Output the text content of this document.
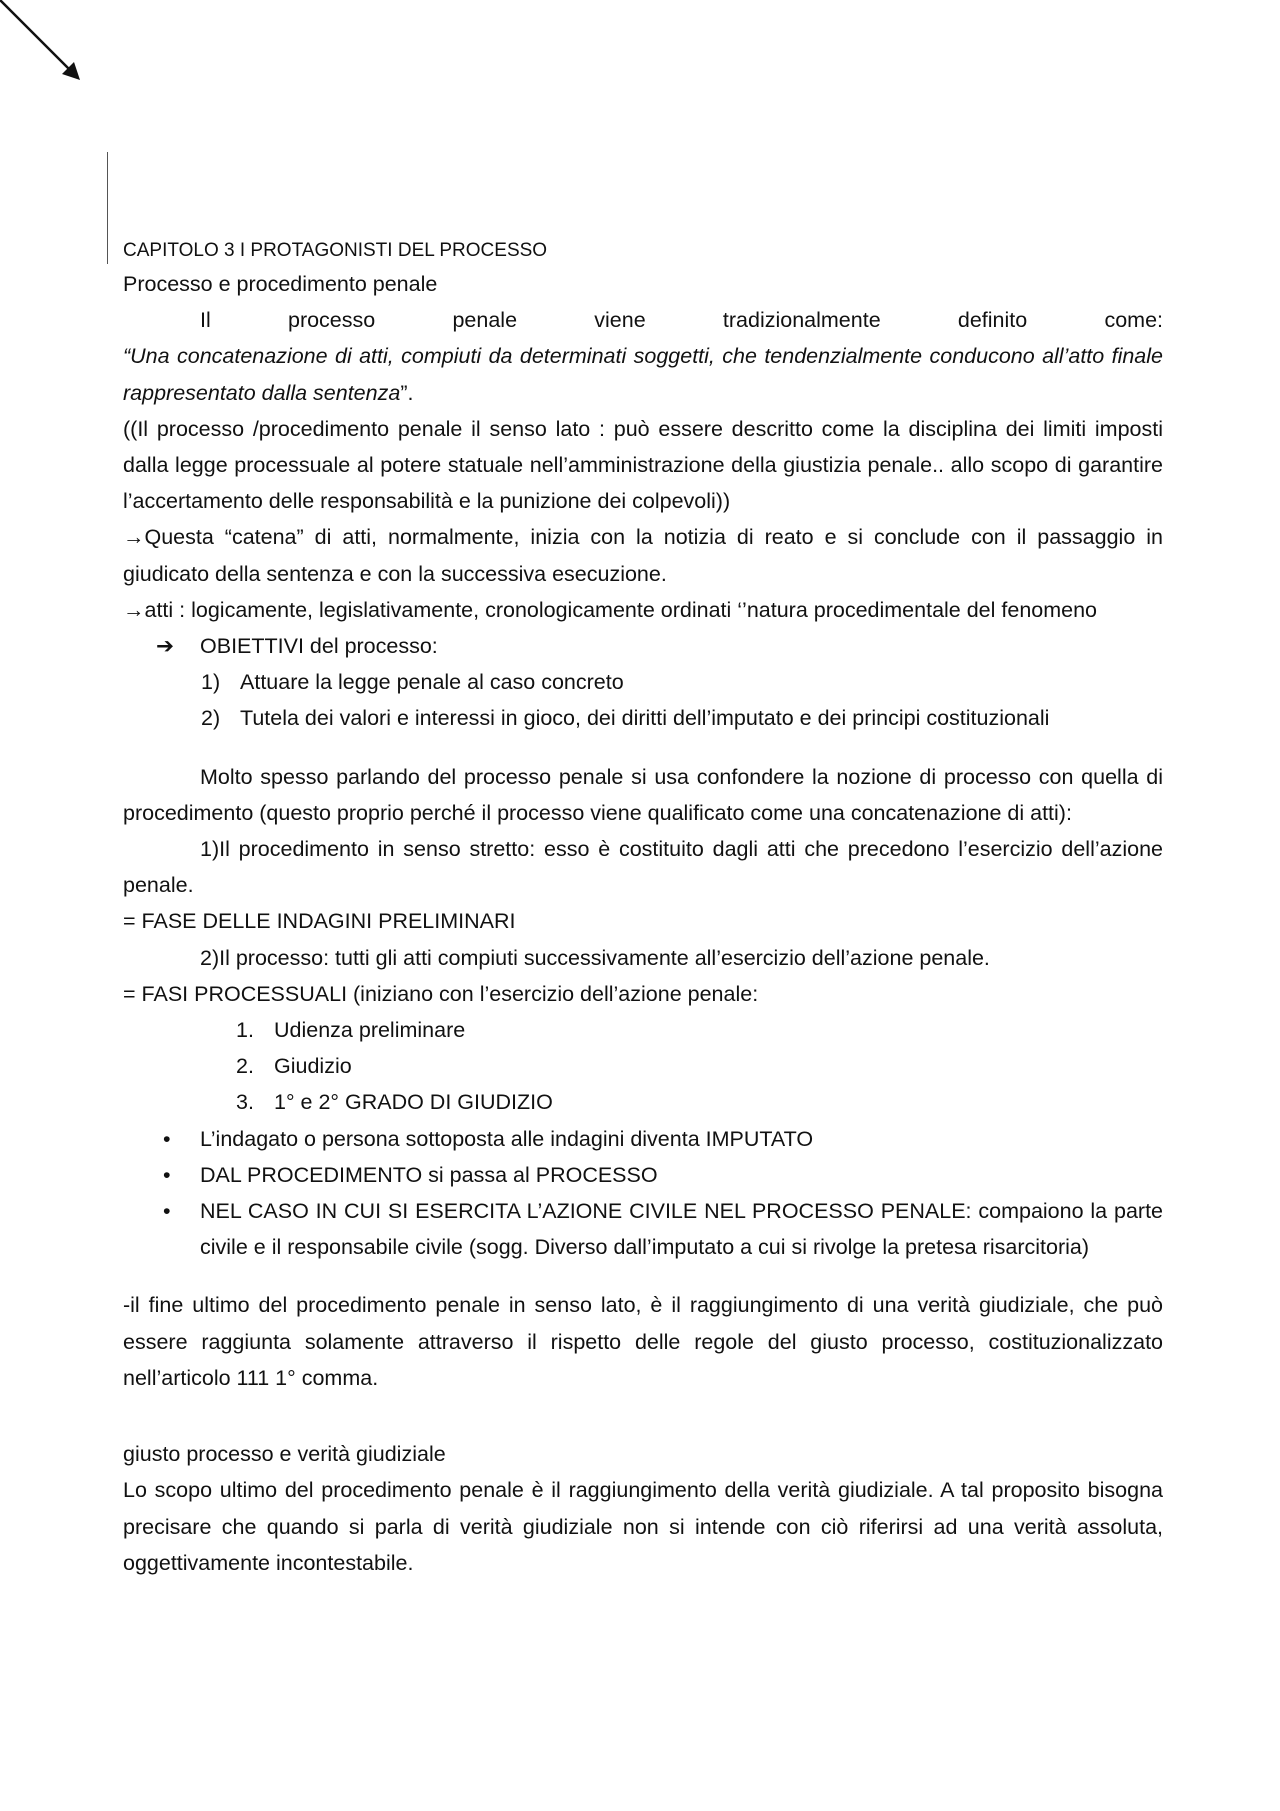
CAPITOLO 3 I PROTAGONISTI DEL PROCESSO

Processo e procedimento penale

Il processo penale viene tradizionalmente definito come:

“Una concatenazione di atti, compiuti da determinati soggetti, che tendenzialmente conducono all’atto finale rappresentato dalla sentenza”.

((Il processo /procedimento penale il senso lato : può essere descritto come la disciplina dei limiti imposti dalla legge processuale al potere statuale nell’amministrazione della giustizia penale.. allo scopo di garantire l’accertamento delle responsabilità e la punizione dei colpevoli))

→Questa “catena” di atti, normalmente, inizia con la notizia di reato e si conclude con il passaggio in giudicato della sentenza e con la successiva esecuzione.

→atti : logicamente, legislativamente, cronologicamente ordinati ‘’natura procedimentale del fenomeno

➔	OBIETTIVI del processo:
1) Attuare la legge penale al caso concreto
2) Tutela dei valori e interessi in gioco, dei diritti dell’imputato e dei principi costituzionali

Molto spesso parlando del processo penale si usa confondere la nozione di processo con quella di procedimento (questo proprio perché il processo viene qualificato come una concatenazione di atti):

1)Il procedimento in senso stretto: esso è costituito dagli atti che precedono l’esercizio dell’azione penale.

= FASE DELLE INDAGINI PRELIMINARI

2)Il processo: tutti gli atti compiuti successivamente all’esercizio dell’azione penale.

= FASI PROCESSUALI (iniziano con l’esercizio dell’azione penale:

1. Udienza preliminare
2. Giudizio
3. 1° e 2° GRADO DI GIUDIZIO
•	L’indagato o persona sottoposta alle indagini diventa IMPUTATO
•	DAL PROCEDIMENTO si passa al PROCESSO
•	NEL CASO IN CUI SI ESERCITA L’AZIONE CIVILE NEL PROCESSO PENALE: compaiono la parte civile e il responsabile civile (sogg. Diverso dall’imputato a cui si rivolge la pretesa risarcitoria)

-il fine ultimo del procedimento penale in senso lato, è il raggiungimento di una verità giudiziale, che può essere raggiunta solamente attraverso il rispetto delle regole del giusto processo, costituzionalizzato nell’articolo 111 1° comma.

giusto processo e verità giudiziale

Lo scopo ultimo del procedimento penale è il raggiungimento della verità giudiziale. A tal proposito bisogna precisare che quando si parla di verità giudiziale non si intende con ciò riferirsi ad una verità assoluta, oggettivamente incontestabile.
